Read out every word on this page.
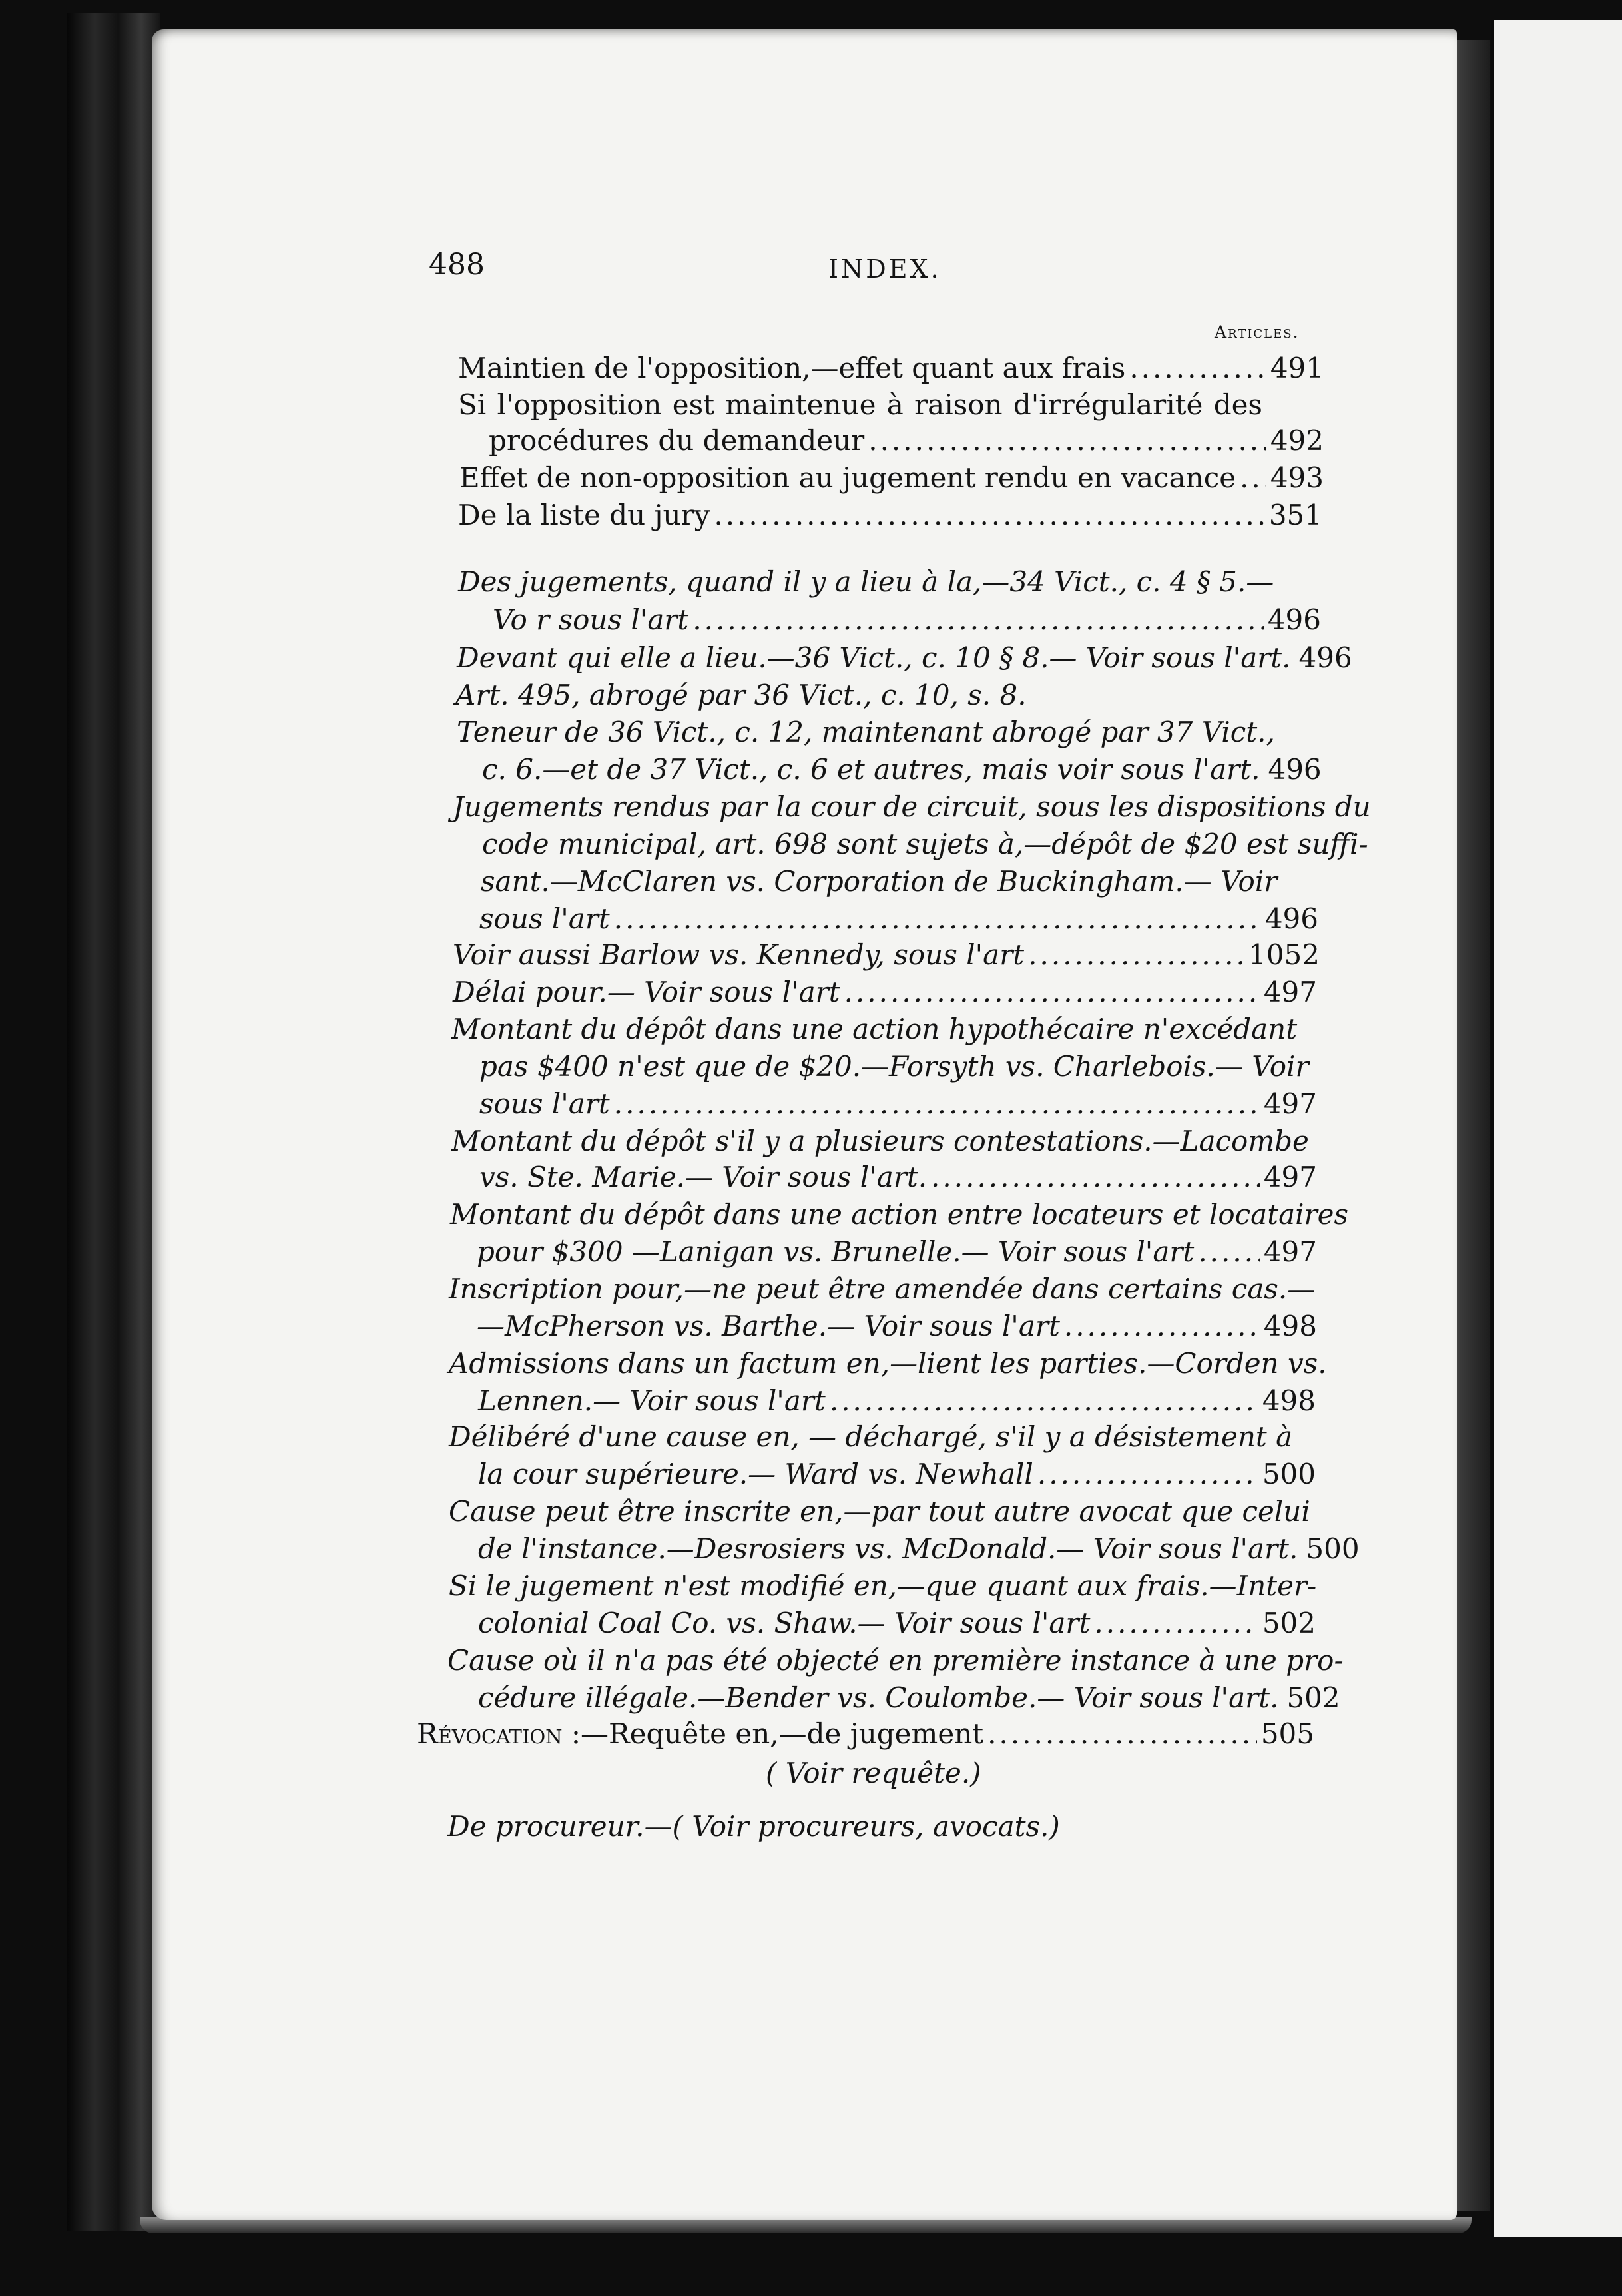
488	INDEX.
Articles.
Maintien de l'opposition,—effet quant aux frais .....	491
Si l'opposition est maintenue à raison d'irrégularité des
procédures du demandeur .....	492
Effet de non-opposition au jugement rendu en vacance ..... 493
De la liste du jury .....	351
Des jugements, quand il y a lieu à la,—34 Vict., c. 4 § 5.—
Vo r sous l'art .....	496
Devant qui elle a lieu.—36 Vict., c. 10 § 8.— Voir sous l'art. 496
Art. 495, abrogé par 36 Vict., c. 10, s. 8.
Teneur de 36 Vict., c. 12, maintenant abrogé par 37 Vict.,
c. 6.—et de 37 Vict., c. 6 et autres, mais voir sous l'art. 496
Jugements rendus par la cour de circuit, sous les dispositions du
code municipal, art. 698 sont sujets à,—dépôt de $20 est suffi-
sant.—McClaren vs. Corporation de Buckingham.— Voir
sous l'art .....	496
Voir aussi Barlow vs. Kennedy, sous l'art .....	1052
Délai pour.— Voir sous l'art .....	497
Montant du dépôt dans une action hypothécaire n'excédant
pas $400 n'est que de $20.—Forsyth vs. Charlebois.— Voir
sous l'art .....	497
Montant du dépôt s'il y a plusieurs contestations.—Lacombe
vs. Ste. Marie.— Voir sous l'art. .....	497
Montant du dépôt dans une action entre locateurs et locataires
pour $300 —Lanigan vs. Brunelle.— Voir sous l'art ..... 497
Inscription pour,—ne peut être amendée dans certains cas.—
—McPherson vs. Barthe.— Voir sous l'art .....	498
Admissions dans un factum en,—lient les parties.—Corden vs.
Lennen.— Voir sous l'art .....	498
Délibéré d'une cause en, — déchargé, s'il y a désistement à
la cour supérieure.— Ward vs. Newhall .....	500
Cause peut être inscrite en,—par tout autre avocat que celui
de l'instance.—Desrosiers vs. McDonald.— Voir sous l'art. 500
Si le jugement n'est modifié en,—que quant aux frais.—Inter-
colonial Coal Co. vs. Shaw.— Voir sous l'art .....	502
Cause où il n'a pas été objecté en première instance à une pro-
cédure illégale.—Bender vs. Coulombe.— Voir sous l'art. 502
Révocation :—Requête en,—de jugement .....	505
( Voir requête.)
De procureur.—( Voir procureurs, avocats.)
